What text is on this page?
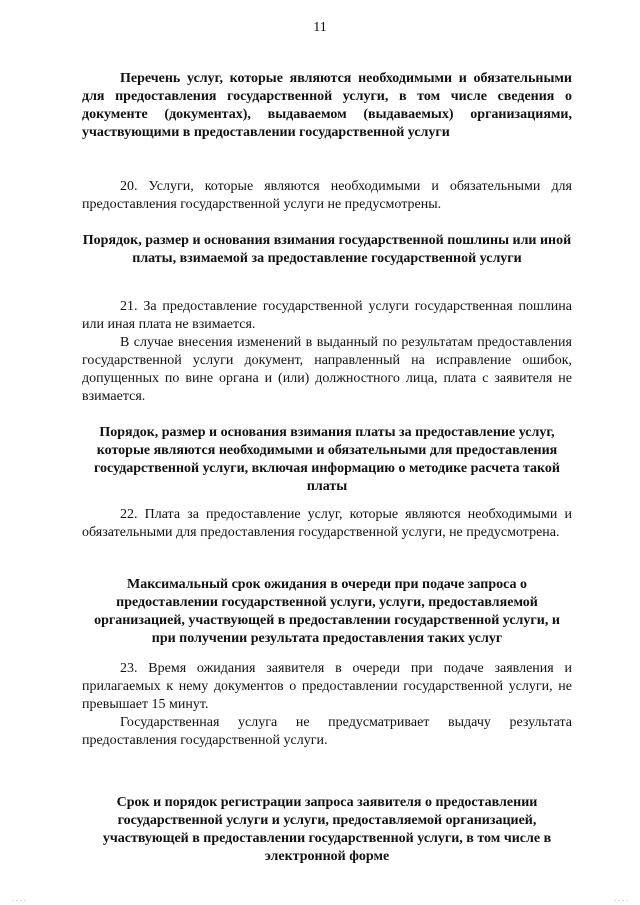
11

Перечень услуг, которые являются необходимыми и обязательными для предоставления государственной услуги, в том числе сведения о документе (документах), выдаваемом (выдаваемых) организациями, участвующими в предоставлении государственной услуги

20. Услуги, которые являются необходимыми и обязательными для предоставления государственной услуги не предусмотрены.

Порядок, размер и основания взимания государственной пошлины или иной платы, взимаемой за предоставление государственной услуги

21. За предоставление государственной услуги государственная пошлина или иная плата не взимается.

В случае внесения изменений в выданный по результатам предоставления государственной услуги документ, направленный на исправление ошибок, допущенных по вине органа и (или) должностного лица, плата с заявителя не взимается.

Порядок, размер и основания взимания платы за предоставление услуг, которые являются необходимыми и обязательными для предоставления государственной услуги, включая информацию о методике расчета такой платы

22. Плата за предоставление услуг, которые являются необходимыми и обязательными для предоставления государственной услуги, не предусмотрена.

Максимальный срок ожидания в очереди при подаче запроса о предоставлении государственной услуги, услуги, предоставляемой организацией, участвующей в предоставлении государственной услуги, и при получении результата предоставления таких услуг

23. Время ожидания заявителя в очереди при подаче заявления и прилагаемых к нему документов о предоставлении государственной услуги, не превышает 15 минут.

Государственная услуга не предусматривает выдачу результата предоставления государственной услуги.

Срок и порядок регистрации запроса заявителя о предоставлении государственной услуги и услуги, предоставляемой организацией, участвующей в предоставлении государственной услуги, в том числе в электронной форме

. . . .	. . . .
